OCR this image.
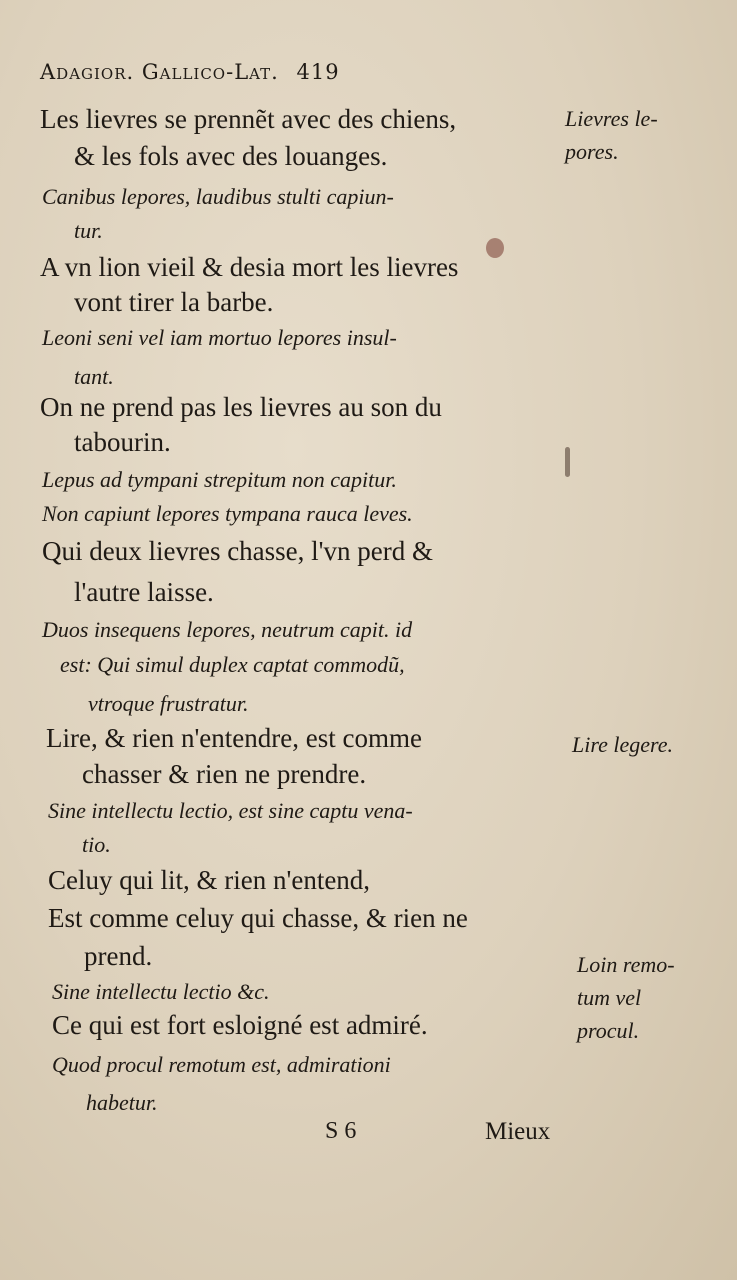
Adagior. Gallico-Lat. 419
Les lievres se prennẽt avec des chiens,
& les fols avec des louanges.
Canibus lepores, laudibus stulti capiun-
tur.
A vn lion vieil & desia mort les lievres
vont tirer la barbe.
Leoni seni vel iam mortuo lepores insul-
tant.
On ne prend pas les lievres au son du
tabourin.
Lepus ad tympani strepitum non capitur.
Non capiunt lepores tympana rauca leves.
Qui deux lievres chasse, l'vn perd &
l'autre laisse.
Duos insequens lepores, neutrum capit. id
est: Qui simul duplex captat commodũ,
vtroque frustratur.
Lire, & rien n'entendre, est comme
chasser & rien ne prendre.
Sine intellectu lectio, est sine captu vena-
tio.
Celuy qui lit, & rien n'entend,
Est comme celuy qui chasse, & rien ne
prend.
Sine intellectu lectio &c.
Ce qui est fort esloigné est admiré.
Quod procul remotum est, admirationi
habetur.
Lievres le-
pores.
Lire legere.
Loin remo-
tum vel
procul.
S 6	Mieux
